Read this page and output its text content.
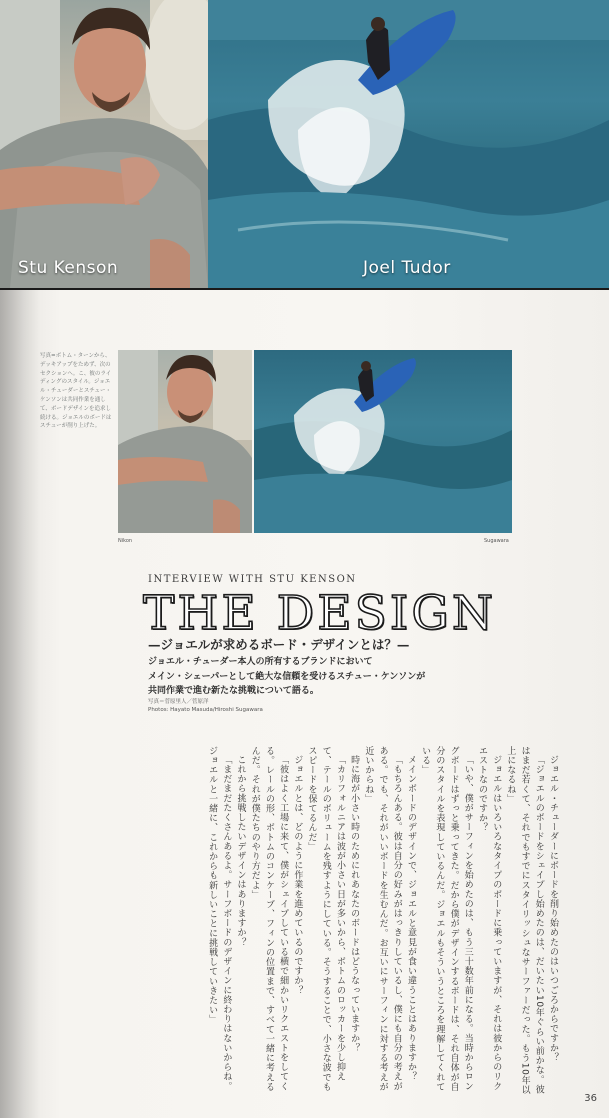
Stu Kenson	Joel Tudor
写真=ボトム・ターンから、デッキアップをためず、次のセクションへ。こ、彼のライディングのスタイル。ジョエル・チューダーとスチュー・ケンソンは共同作業を通して、ボードデザインを追求し続ける。ジョエルのボードはスチューが削り上げた。
Nikon	Sugawara
INTERVIEW WITH STU KENSON
THE DESIGN
—ジョエルが求めるボード・デザインとは？—

ジョエル・チューダー本人の所有するブランドにおいて

メイン・シェーパーとして絶大な信頼を受けるスチュー・ケンソンが

共同作業で進む新たな挑戦について語る。

写真＝菅原里人／菅原洋

Photos: Hayato Masuda/Hiroshi Sugawara

ジョエル・チューダーにボードを削り始めたのはいつごろからですか？

「ジョエルのボードをシェイプし始めたのは、だいたい10年ぐらい前かな。彼はまだ若くて、それでもすでにスタイリッシュなサーファーだった。もう10年以上になるね」

ジョエルはいろいろなタイプのボードに乗っていますが、それは彼からのリクエストなのですか？

「いや、僕がサーフィンを始めたのは、もう三十数年前になる。当時からロングボードはずっと乗ってきた。だから僕がデザインするボードは、それ自体が自分のスタイルを表現しているんだ。ジョエルもそういうところを理解してくれている」

メインボードのデザインで、ジョエルと意見が食い違うことはありますか？

「もちろんある。彼は自分の好みがはっきりしているし、僕にも自分の考えがある。でも、それがいいボードを生むんだ。お互いにサーフィンに対する考えが近いからね」

時に海が小さい時のためにれあなたのボードはどうなっていますか？

「カリフォルニアは波が小さい日が多いから、ボトムのロッカーを少し抑えて、テールのボリュームを残すようにしている。そうすることで、小さな波でもスピードを保てるんだ」

ジョエルとは、どのように作業を進めているのですか？

「彼はよく工場に来て、僕がシェイプしている横で細かいリクエストをしてくる。レールの形、ボトムのコンケーブ、フィンの位置まで、すべて一緒に考えるんだ。それが僕たちのやり方だよ」

これから挑戦したいデザインはありますか？

「まだまだたくさんあるよ。サーフボードのデザインに終わりはないからね。ジョエルと一緒に、これからも新しいことに挑戦していきたい」

36
